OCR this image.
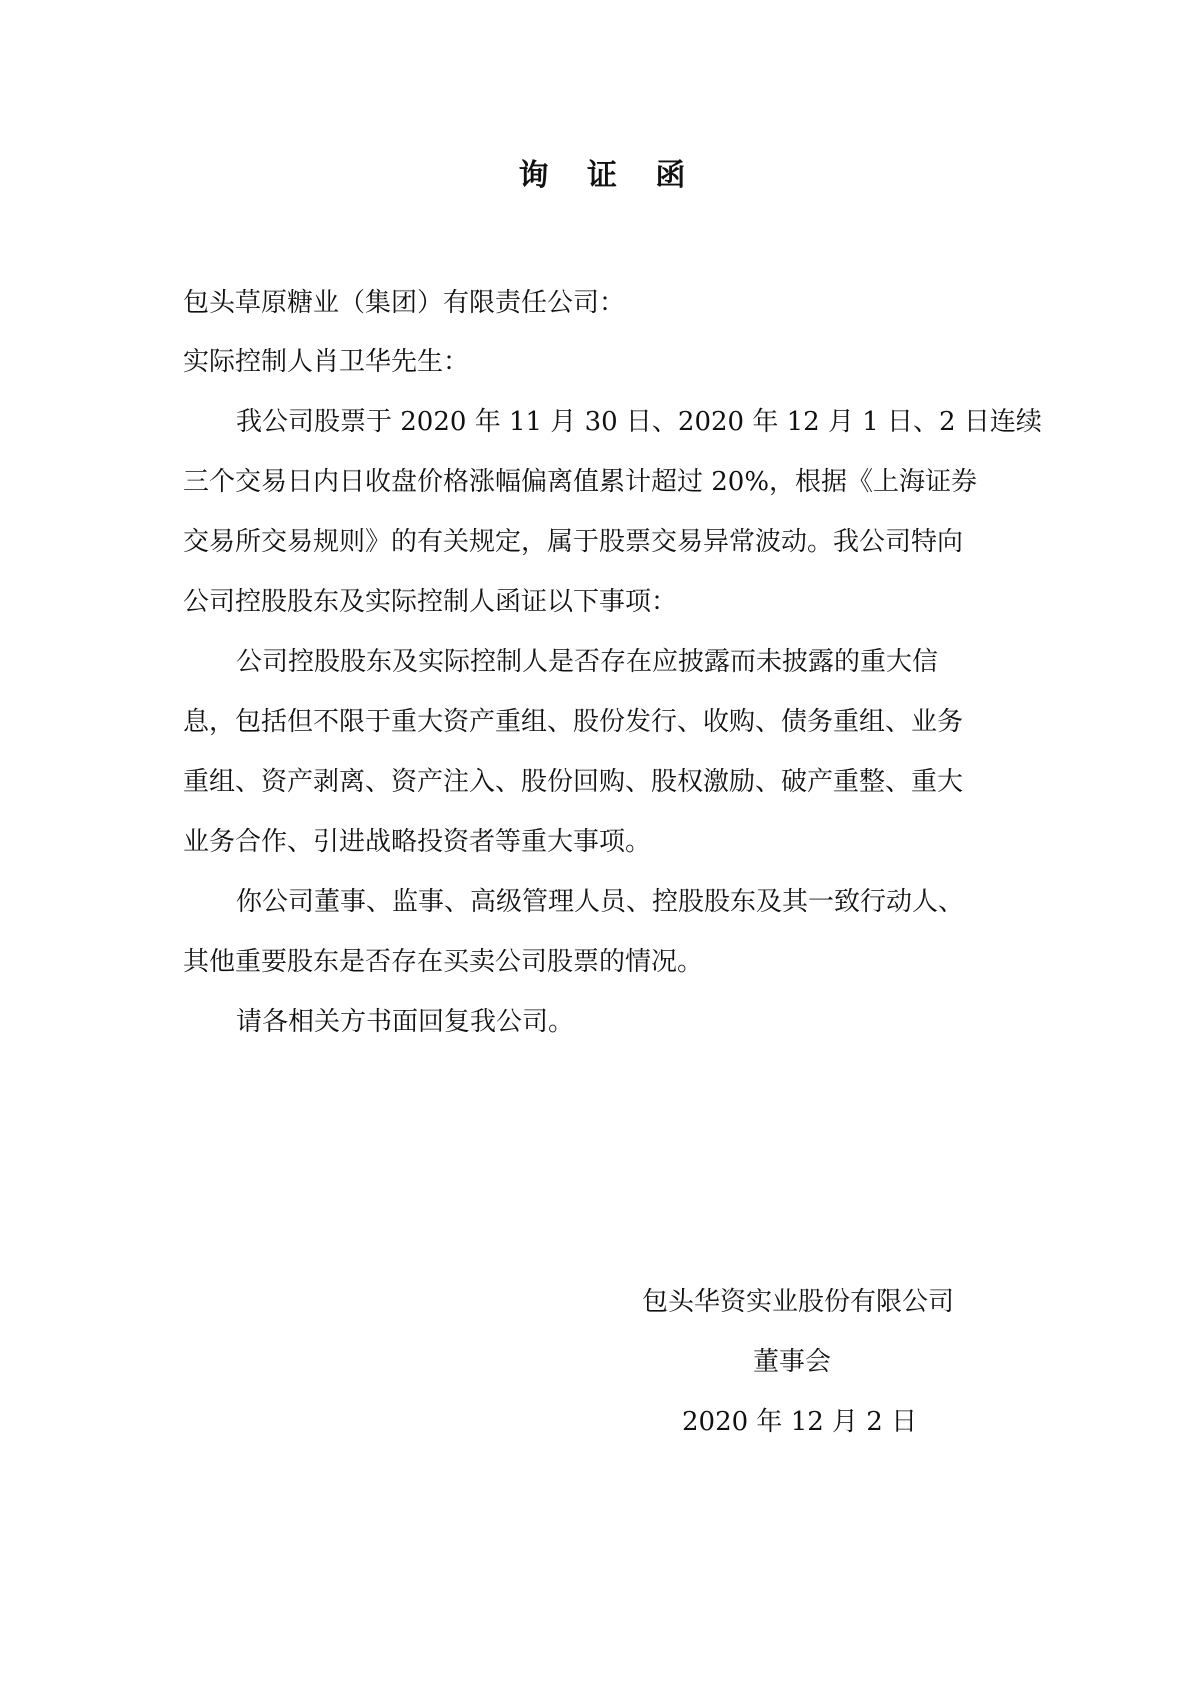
询 证 函
包头草原糖业（集团）有限责任公司：
实际控制人肖卫华先生：
我公司股票于 2020 年 11 月 30 日、2020 年 12 月 1 日、2 日连续
三个交易日内日收盘价格涨幅偏离值累计超过 20%，根据《上海证券
交易所交易规则》的有关规定，属于股票交易异常波动。我公司特向
公司控股股东及实际控制人函证以下事项：
公司控股股东及实际控制人是否存在应披露而未披露的重大信
息，包括但不限于重大资产重组、股份发行、收购、债务重组、业务
重组、资产剥离、资产注入、股份回购、股权激励、破产重整、重大
业务合作、引进战略投资者等重大事项。
你公司董事、监事、高级管理人员、控股股东及其一致行动人、
其他重要股东是否存在买卖公司股票的情况。
请各相关方书面回复我公司。
包头华资实业股份有限公司
董事会
2020 年 12 月 2 日
